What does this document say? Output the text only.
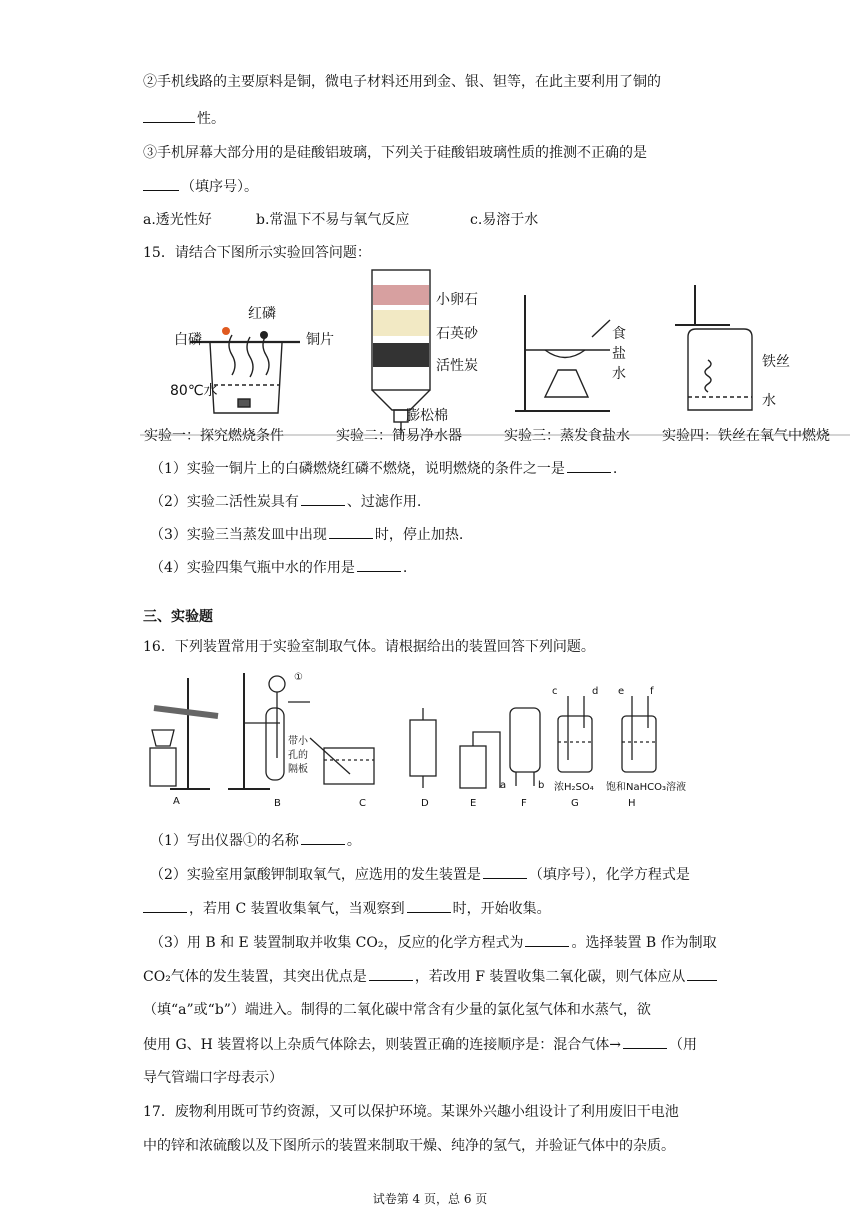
②手机线路的主要原料是铜，微电子材料还用到金、银、钽等，在此主要利用了铜的
性。
③手机屏幕大部分用的是硅酸铝玻璃，下列关于硅酸铝玻璃性质的推测不正确的是
（填序号）。
a.透光性好	b.常温下不易与氧气反应	c.易溶于水
15．请结合下图所示实验回答问题：
红磷
白磷	铜片
80℃水
小卵石
石英砂
活性炭
膨松棉
食
盐
水
铁丝
水
实验一：探究燃烧条件	实验二：简易净水器	实验三：蒸发食盐水 实验四：铁丝在氧气中燃烧
（1）实验一铜片上的白磷燃烧红磷不燃烧，说明燃烧的条件之一是	.
（2）实验二活性炭具有	、过滤作用.
（3）实验三当蒸发皿中出现	时，停止加热.
（4）实验四集气瓶中水的作用是	.
三、实验题
16．下列装置常用于实验室制取气体。请根据给出的装置回答下列问题。
A	B	C	D	E	F	G	H
①
带小
孔的
隔板
a	b
c	d e	f
浓H₂SO₄ 饱和NaHCO₃溶液
（1）写出仪器①的名称	。
（2）实验室用氯酸钾制取氧气，应选用的发生装置是	（填序号），化学方程式是
，若用 C 装置收集氧气，当观察到	时，开始收集。
（3）用 B 和 E 装置制取并收集 CO₂，反应的化学方程式为	。选择装置 B 作为制取
CO₂气体的发生装置，其突出优点是	，若改用 F 装置收集二氧化碳，则气体应从
（填“a”或“b”）端进入。制得的二氧化碳中常含有少量的氯化氢气体和水蒸气，欲
使用 G、H 装置将以上杂质气体除去，则装置正确的连接顺序是：混合气体→	（用
导气管端口字母表示）
17．废物利用既可节约资源，又可以保护环境。某课外兴趣小组设计了利用废旧干电池
中的锌和浓硫酸以及下图所示的装置来制取干燥、纯净的氢气，并验证气体中的杂质。
试卷第 4 页，总 6 页
